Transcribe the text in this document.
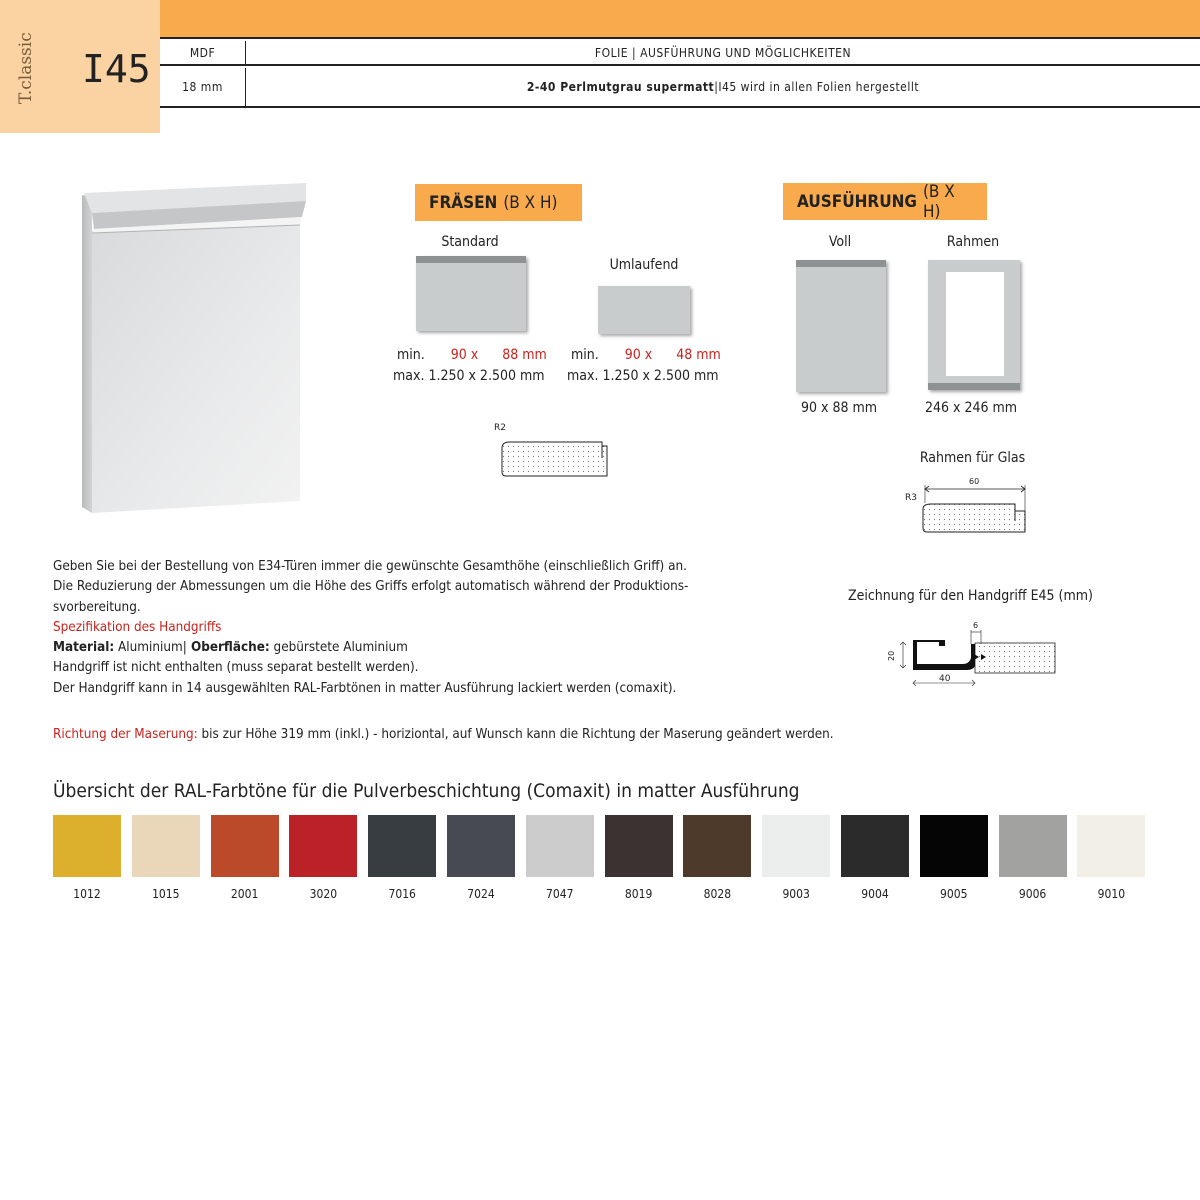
T.classic I45	MDF	FOLIE | AUSFÜHRUNG UND MÖGLICHKEITEN
18 mm	2-40 Perlmutgrau supermatt |I45 wird in allen Folien hergestellt
FRÄSEN (B X H)
Standard
min. 90 x 88 mm
max. 1.250 x 2.500 mm
Umlaufend
min. 90 x 48 mm
max. 1.250 x 2.500 mm
R2
AUSFÜHRUNG (B X H)
Voll
90 x 88 mm
Rahmen
246 x 246 mm
Rahmen für Glas
R3
60

Geben Sie bei der Bestellung von E34-Türen immer die gewünschte Gesamthöhe (einschließlich Griff) an.

Die Reduzierung der Abmessungen um die Höhe des Griffs erfolgt automatisch während der Produktions-

svorbereitung.

Spezifikation des Handgriffs

Material: Aluminium| Oberfläche: gebürstete Aluminium

Handgriff ist nicht enthalten (muss separat bestellt werden).

Der Handgriff kann in 14 ausgewählten RAL-Farbtönen in matter Ausführung lackiert werden (comaxit).

Richtung der Maserung: bis zur Höhe 319 mm (inkl.) - horiziontal, auf Wunsch kann die Richtung der Maserung geändert werden.
Zeichnung für den Handgriff E45 (mm)
20
40
6
Übersicht der RAL-Farbtöne für die Pulverbeschichtung (Comaxit) in matter Ausführung
1012	1015	2001	3020	7016	7024	7047	8019	8028	9003	9004	9005	9006	9010
